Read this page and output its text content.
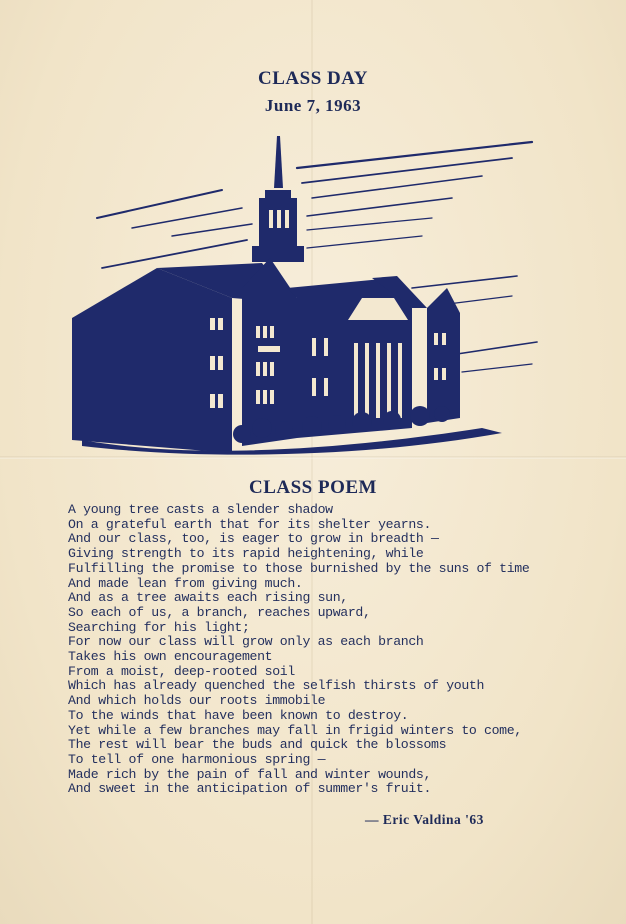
CLASS DAY
June 7, 1963
CLASS POEM
A young tree casts a slender shadow
On a grateful earth that for its shelter yearns.
And our class, too, is eager to grow in breadth —
Giving strength to its rapid heightening, while
Fulfilling the promise to those burnished by the suns of time
And made lean from giving much.
And as a tree awaits each rising sun,
So each of us, a branch, reaches upward,
Searching for his light;
For now our class will grow only as each branch
Takes his own encouragement
From a moist, deep-rooted soil
Which has already quenched the selfish thirsts of youth
And which holds our roots immobile
To the winds that have been known to destroy.
Yet while a few branches may fall in frigid winters to come,
The rest will bear the buds and quick the blossoms
To tell of one harmonious spring —
Made rich by the pain of fall and winter wounds,
And sweet in the anticipation of summer's fruit.
— Eric Valdina '63
